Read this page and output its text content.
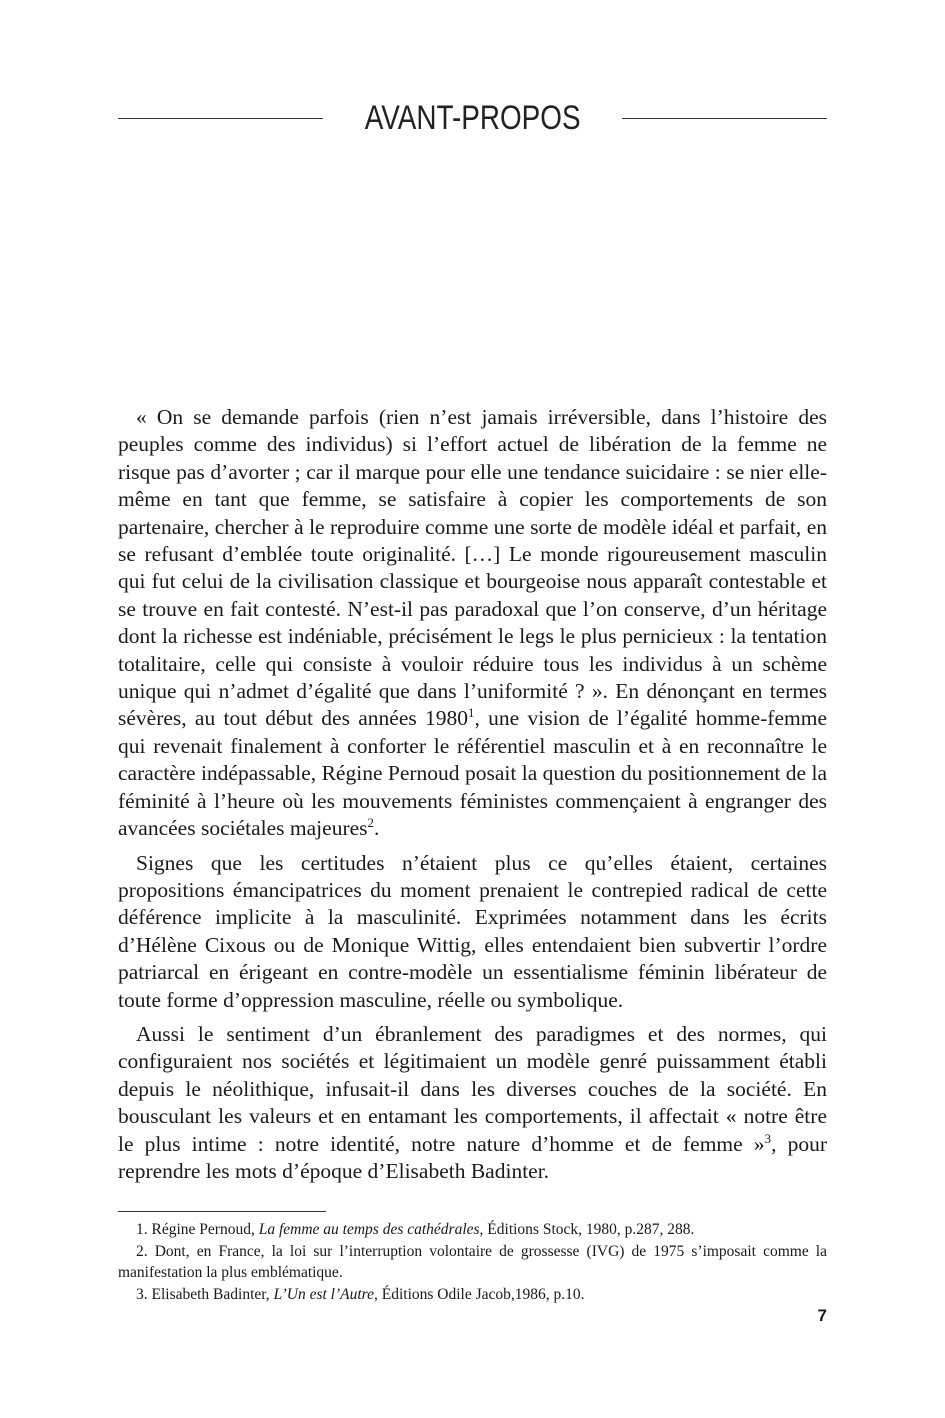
AVANT-PROPOS

« On se demande parfois (rien n’est jamais irréversible, dans l’histoire des peuples comme des individus) si l’effort actuel de libération de la femme ne risque pas d’avorter ; car il marque pour elle une tendance suicidaire : se nier elle-même en tant que femme, se satisfaire à copier les comportements de son partenaire, chercher à le reproduire comme une sorte de modèle idéal et parfait, en se refusant d’emblée toute originalité. […] Le monde rigoureusement masculin qui fut celui de la civilisation classique et bourgeoise nous apparaît contestable et se trouve en fait contesté. N’est-il pas paradoxal que l’on conserve, d’un héritage dont la richesse est indéniable, précisément le legs le plus pernicieux : la tentation totalitaire, celle qui consiste à vouloir réduire tous les individus à un schème unique qui n’admet d’égalité que dans l’uniformité ? ». En dénonçant en termes sévères, au tout début des années 1980$^1$, une vision de l’égalité homme-femme qui revenait finalement à conforter le référentiel masculin et à en reconnaître le caractère indépassable, Régine Pernoud posait la question du positionnement de la féminité à l’heure où les mouvements féministes commençaient à engranger des avancées sociétales majeures$^2$.

Signes que les certitudes n’étaient plus ce qu’elles étaient, certaines propositions émancipatrices du moment prenaient le contrepied radical de cette déférence implicite à la masculinité. Exprimées notamment dans les écrits d’Hélène Cixous ou de Monique Wittig, elles entendaient bien subvertir l’ordre patriarcal en érigeant en contre-modèle un essentialisme féminin libérateur de toute forme d’oppression masculine, réelle ou symbolique.

Aussi le sentiment d’un ébranlement des paradigmes et des normes, qui configuraient nos sociétés et légitimaient un modèle genré puissamment établi depuis le néolithique, infusait-il dans les diverses couches de la société. En bousculant les valeurs et en entamant les comportements, il affectait « notre être le plus intime : notre identité, notre nature d’homme et de femme »$^3$, pour reprendre les mots d’époque d’Elisabeth Badinter.

1. Régine Pernoud, La femme au temps des cathédrales, Éditions Stock, 1980, p.287, 288.

2. Dont, en France, la loi sur l’interruption volontaire de grossesse (IVG) de 1975 s’imposait comme la manifestation la plus emblématique.

3. Elisabeth Badinter, L’Un est l’Autre, Éditions Odile Jacob,1986, p.10.

7
